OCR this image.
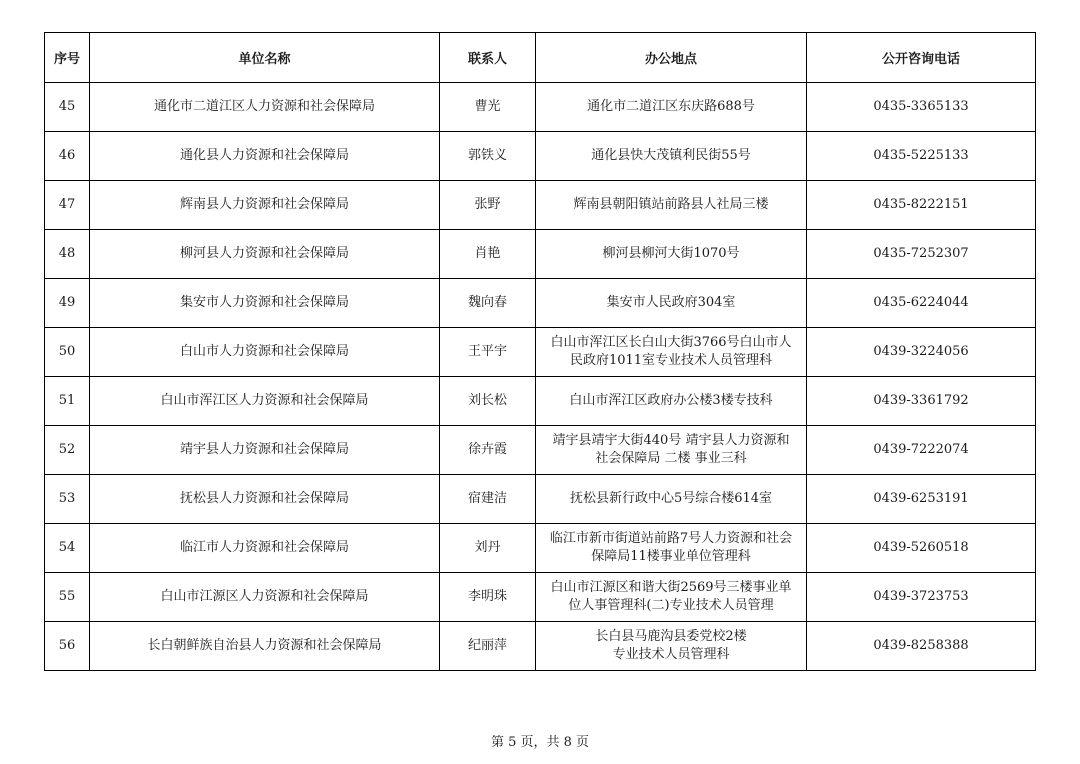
序号	单位名称	联系人	办公地点	公开咨询电话
45	通化市二道江区人力资源和社会保障局	曹光	通化市二道江区东庆路688号	0435-3365133
46	通化县人力资源和社会保障局	郭铁义	通化县快大茂镇利民街55号	0435-5225133
47	辉南县人力资源和社会保障局	张野	辉南县朝阳镇站前路县人社局三楼	0435-8222151
48	柳河县人力资源和社会保障局	肖艳	柳河县柳河大街1070号	0435-7252307
49	集安市人力资源和社会保障局	魏向春	集安市人民政府304室	0435-6224044
50	白山市人力资源和社会保障局	王平宇	白山市浑江区长白山大街3766号白山市人
民政府1011室专业技术人员管理科	0439-3224056
51	白山市浑江区人力资源和社会保障局	刘长松	白山市浑江区政府办公楼3楼专技科	0439-3361792
52	靖宇县人力资源和社会保障局	徐卉霞	靖宇县靖宇大街440号 靖宇县人力资源和
社会保障局 二楼 事业三科	0439-7222074
53	抚松县人力资源和社会保障局	宿建洁	抚松县新行政中心5号综合楼614室	0439-6253191
54	临江市人力资源和社会保障局	刘丹	临江市新市街道站前路7号人力资源和社会
保障局11楼事业单位管理科	0439-5260518
55	白山市江源区人力资源和社会保障局	李明珠	白山市江源区和谐大街2569号三楼事业单
位人事管理科(二)专业技术人员管理	0439-3723753
56	长白朝鲜族自治县人力资源和社会保障局	纪丽萍	长白县马鹿沟县委党校2楼
专业技术人员管理科	0439-8258388
第 5 页，共 8 页
